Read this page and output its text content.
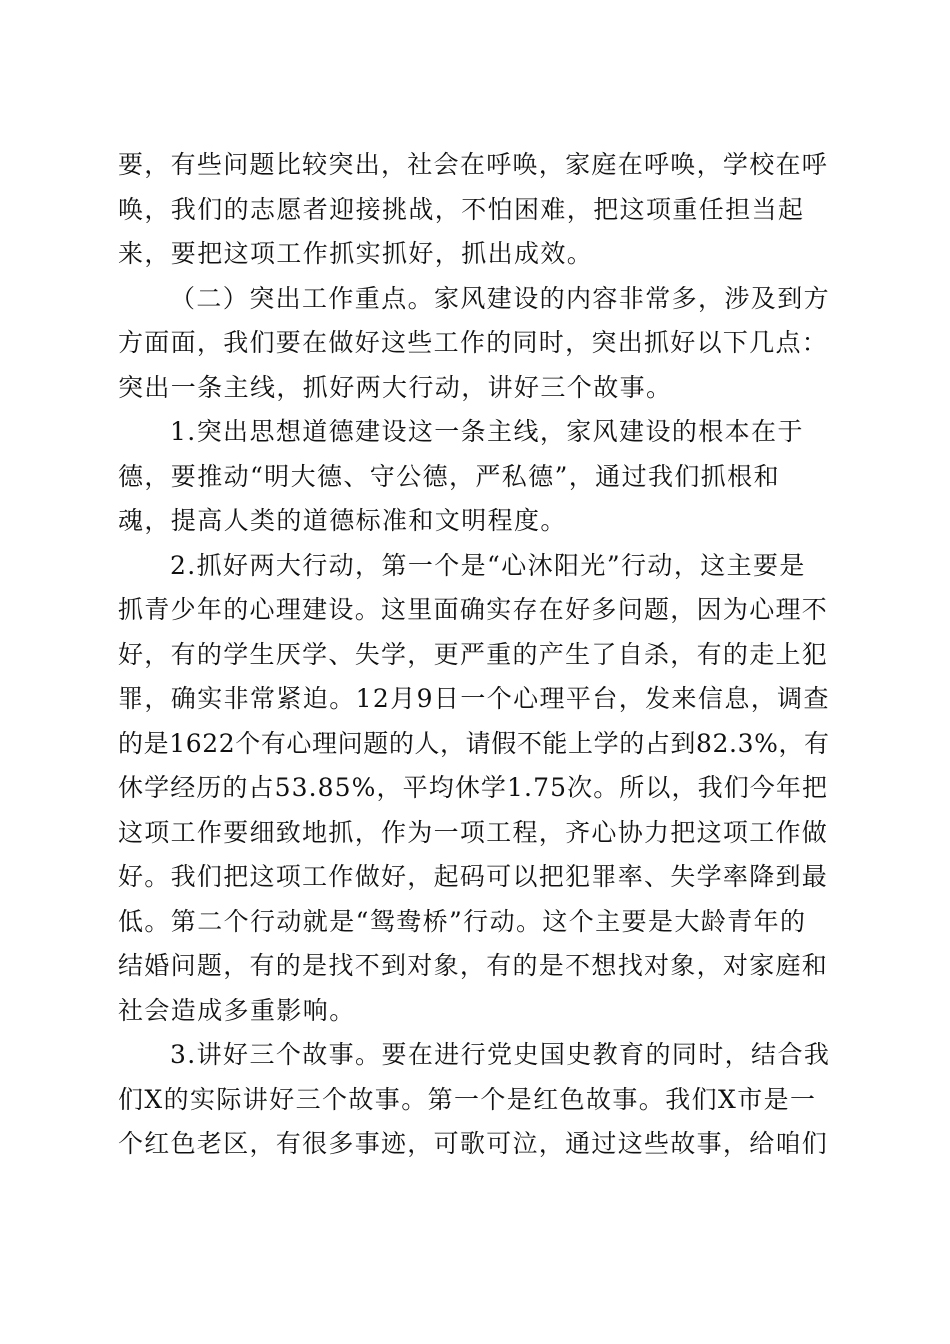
要，有些问题比较突出，社会在呼唤，家庭在呼唤，学校在呼
唤，我们的志愿者迎接挑战，不怕困难，把这项重任担当起
来，要把这项工作抓实抓好，抓出成效。
（二）突出工作重点。家风建设的内容非常多，涉及到方
方面面，我们要在做好这些工作的同时，突出抓好以下几点：
突出一条主线，抓好两大行动，讲好三个故事。
1.突出思想道德建设这一条主线，家风建设的根本在于
德，要推动“明大德、守公德，严私德”，通过我们抓根和
魂，提高人类的道德标准和文明程度。
2.抓好两大行动，第一个是“心沐阳光”行动，这主要是
抓青少年的心理建设。这里面确实存在好多问题，因为心理不
好，有的学生厌学、失学，更严重的产生了自杀，有的走上犯
罪，确实非常紧迫。12月9日一个心理平台，发来信息，调查
的是1622个有心理问题的人，请假不能上学的占到82.3%，有
休学经历的占53.85%，平均休学1.75次。所以，我们今年把
这项工作要细致地抓，作为一项工程，齐心协力把这项工作做
好。我们把这项工作做好，起码可以把犯罪率、失学率降到最
低。第二个行动就是“鸳鸯桥”行动。这个主要是大龄青年的
结婚问题，有的是找不到对象，有的是不想找对象，对家庭和
社会造成多重影响。
3.讲好三个故事。要在进行党史国史教育的同时，结合我
们X的实际讲好三个故事。第一个是红色故事。我们X市是一
个红色老区，有很多事迹，可歌可泣，通过这些故事，给咱们
